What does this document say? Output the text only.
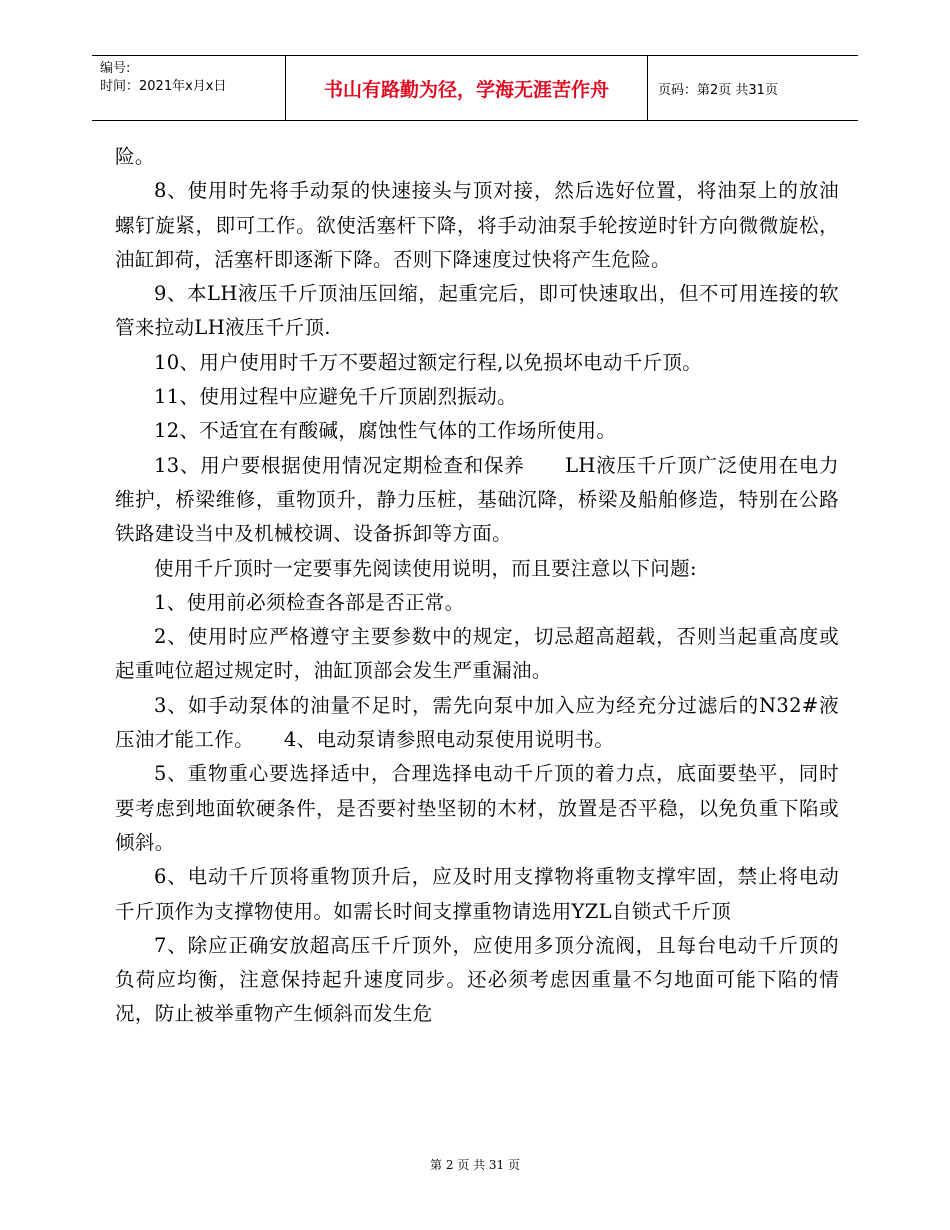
编号:
时间：2021年x月x日	书山有路勤为径，学海无涯苦作舟	页码：第2页 共31页

险。

8、使用时先将手动泵的快速接头与顶对接，然后选好位置，将油泵上的放油螺钉旋紧，即可工作。欲使活塞杆下降，将手动油泵手轮按逆时针方向微微旋松，油缸卸荷，活塞杆即逐渐下降。否则下降速度过快将产生危险。

9、本LH液压千斤顶油压回缩，起重完后，即可快速取出，但不可用连接的软管来拉动LH液压千斤顶.

10、用户使用时千万不要超过额定行程,以免损坏电动千斤顶。

11、使用过程中应避免千斤顶剧烈振动。

12、不适宜在有酸碱，腐蚀性气体的工作场所使用。

13、用户要根据使用情况定期检查和保养　　LH液压千斤顶广泛使用在电力维护，桥梁维修，重物顶升，静力压桩，基础沉降，桥梁及船舶修造，特别在公路铁路建设当中及机械校调、设备拆卸等方面。

使用千斤顶时一定要事先阅读使用说明，而且要注意以下问题:

1、使用前必须检查各部是否正常。

2、使用时应严格遵守主要参数中的规定，切忌超高超载，否则当起重高度或起重吨位超过规定时，油缸顶部会发生严重漏油。

3、如手动泵体的油量不足时，需先向泵中加入应为经充分过滤后的N32#液压油才能工作。　　4、电动泵请参照电动泵使用说明书。

5、重物重心要选择适中，合理选择电动千斤顶的着力点，底面要垫平，同时要考虑到地面软硬条件，是否要衬垫坚韧的木材，放置是否平稳，以免负重下陷或倾斜。

6、电动千斤顶将重物顶升后，应及时用支撑物将重物支撑牢固，禁止将电动千斤顶作为支撑物使用。如需长时间支撑重物请选用YZL自锁式千斤顶

7、除应正确安放超高压千斤顶外，应使用多顶分流阀，且每台电动千斤顶的负荷应均衡，注意保持起升速度同步。还必须考虑因重量不匀地面可能下陷的情况，防止被举重物产生倾斜而发生危

第 2 页 共 31 页
